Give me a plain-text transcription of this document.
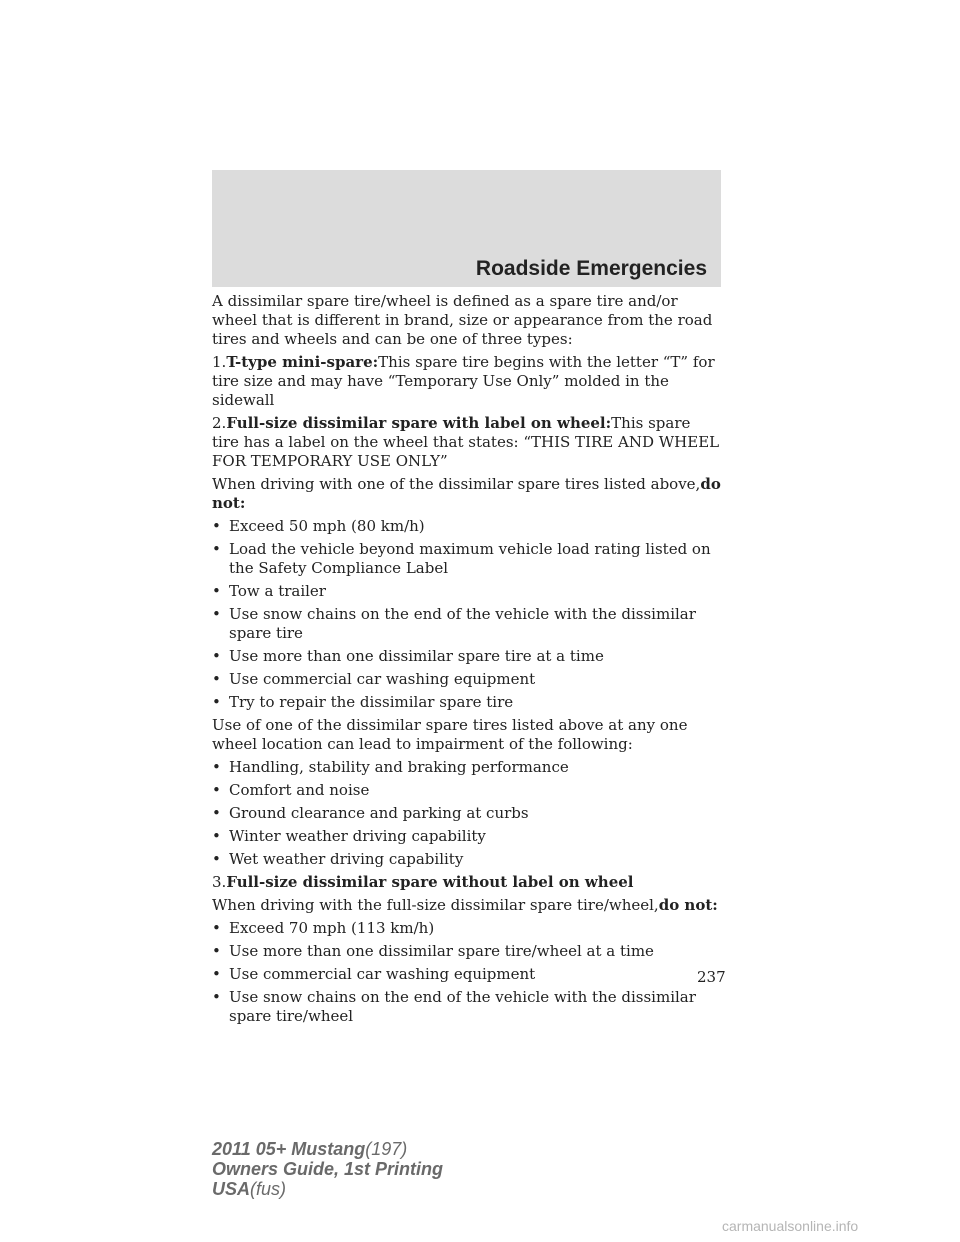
Roadside Emergencies

A dissimilar spare tire/wheel is defined as a spare tire and/or wheel that is different in brand, size or appearance from the road tires and wheels and can be one of three types:

1.T-type mini-spare:This spare tire begins with the letter “T” for tire size and may have “Temporary Use Only” molded in the sidewall

2.Full-size dissimilar spare with label on wheel:This spare tire has a label on the wheel that states: “THIS TIRE AND WHEEL FOR TEMPORARY USE ONLY”

When driving with one of the dissimilar spare tires listed above,do not:

• Exceed 50 mph (80 km/h)
• Load the vehicle beyond maximum vehicle load rating listed on the Safety Compliance Label
• Tow a trailer
• Use snow chains on the end of the vehicle with the dissimilar spare tire
• Use more than one dissimilar spare tire at a time
• Use commercial car washing equipment
• Try to repair the dissimilar spare tire

Use of one of the dissimilar spare tires listed above at any one wheel location can lead to impairment of the following:

• Handling, stability and braking performance
• Comfort and noise
• Ground clearance and parking at curbs
• Winter weather driving capability
• Wet weather driving capability

3.Full-size dissimilar spare without label on wheel

When driving with the full-size dissimilar spare tire/wheel,do not:

• Exceed 70 mph (113 km/h)
• Use more than one dissimilar spare tire/wheel at a time
• Use commercial car washing equipment
• Use snow chains on the end of the vehicle with the dissimilar spare tire/wheel
237
2011 05+ Mustang(197)
Owners Guide, 1st Printing
USA(fus)
carmanualsonline.info
